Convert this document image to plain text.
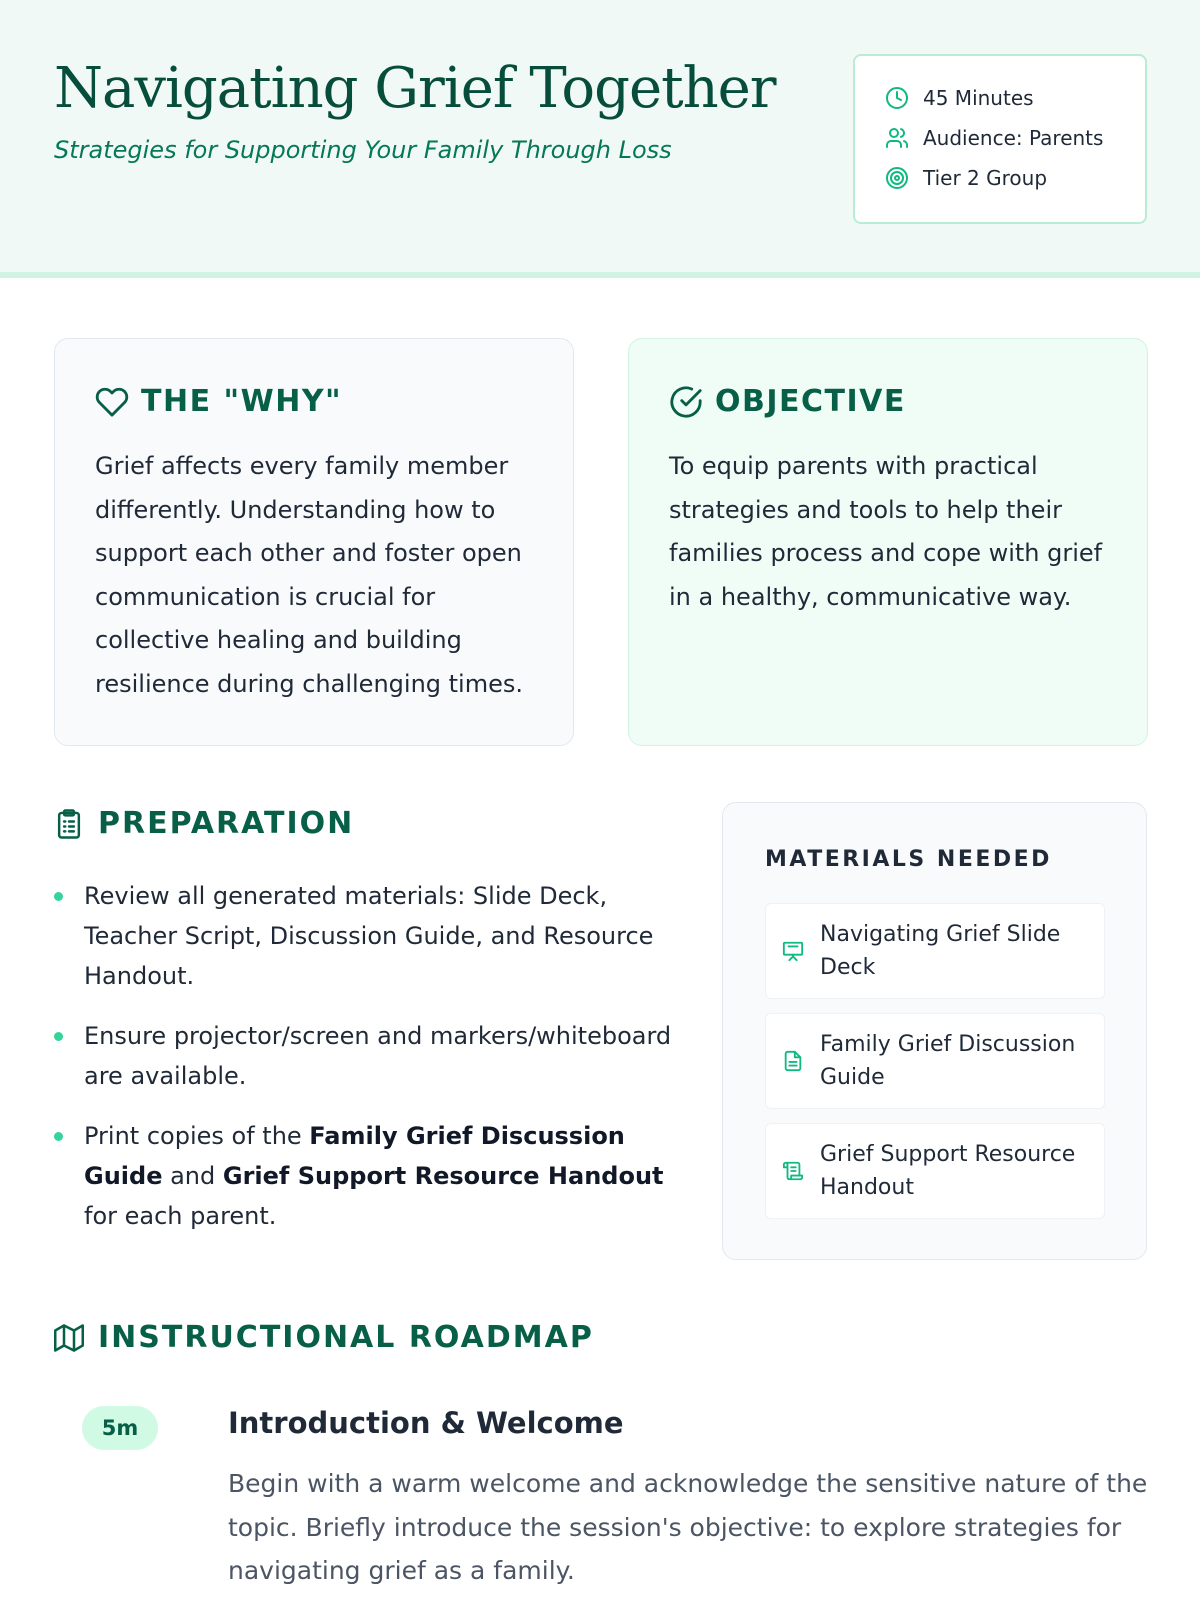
Navigating Grief Together
Strategies for Supporting Your Family Through Loss
45 Minutes
Audience: Parents
Tier 2 Group
THE "WHY"

Grief affects every family member differently. Understanding how to support each other and foster open communication is crucial for collective healing and building resilience during challenging times.

OBJECTIVE

To equip parents with practical strategies and tools to help their families process and cope with grief in a healthy, communicative way.

PREPARATION
Review all generated materials: Slide Deck, Teacher Script, Discussion Guide, and Resource Handout.
Ensure projector/screen and markers/whiteboard are available.
Print copies of the Family Grief Discussion Guide and Grief Support Resource Handout for each parent.
MATERIALS NEEDED
Navigating Grief Slide Deck
Family Grief Discussion Guide
Grief Support Resource Handout
INSTRUCTIONAL ROADMAP
5m	Introduction & Welcome

Begin with a warm welcome and acknowledge the sensitive nature of the topic. Briefly introduce the session's objective: to explore strategies for navigating grief as a family.
